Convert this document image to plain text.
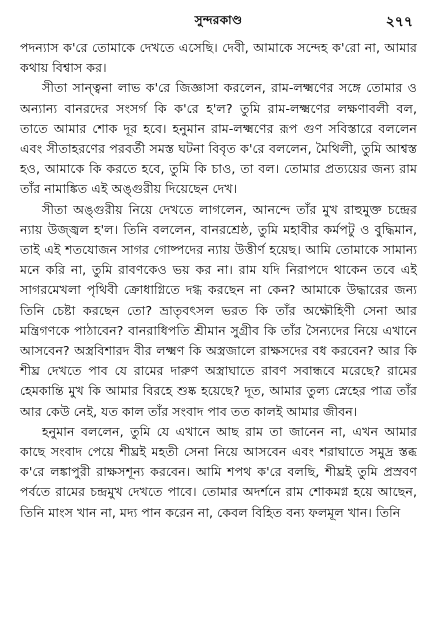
সুন্দরকাণ্ড	২৭৭

পদন্যাস ক'রে তোমাকে দেখতে এসেছি। দেবী, আমাকে সন্দেহ ক'রো না, আমার কথায় বিশ্বাস কর।

সীতা সান্ত্বনা লাভ ক'রে জিজ্ঞাসা করলেন, রাম-লক্ষ্মণের সঙ্গে তোমার ও অন্যান্য বানরদের সংসর্গ কি ক'রে হ'ল? তুমি রাম-লক্ষ্মণের লক্ষণাবলী বল, তাতে আমার শোক দূর হবে। হনুমান রাম-লক্ষ্মণের রূপ গুণ সবিস্তারে বললেন এবং সীতাহরণের পরবর্তী সমস্ত ঘটনা বিবৃত ক'রে বললেন, মৈথিলী, তুমি আশ্বস্ত হও, আমাকে কি করতে হবে, তুমি কি চাও, তা বল। তোমার প্রত্যয়ের জন্য রাম তাঁর নামাঙ্কিত এই অঙ্গুরীয় দিয়েছেন দেখ।

সীতা অঙ্গুরীয় নিয়ে দেখতে লাগলেন, আনন্দে তাঁর মুখ রাহুমুক্ত চন্দ্রের ন্যায় উজ্জ্বল হ'ল। তিনি বললেন, বানরশ্রেষ্ঠ, তুমি মহাবীর কর্মপটু ও বুদ্ধিমান, তাই এই শতযোজন সাগর গোষ্পদের ন্যায় উত্তীর্ণ হয়েছ। আমি তোমাকে সামান্য মনে করি না, তুমি রাবণকেও ভয় কর না। রাম যদি নিরাপদে থাকেন তবে এই সাগরমেখলা পৃথিবী ক্রোধাগ্নিতে দগ্ধ করছেন না কেন? আমাকে উদ্ধারের জন্য তিনি চেষ্টা করছেন তো? ভ্রাতৃবৎসল ভরত কি তাঁর অক্ষৌহিণী সেনা আর মন্ত্রিগণকে পাঠাবেন? বানরাধিপতি শ্রীমান সুগ্রীব কি তাঁর সৈন্যদের নিয়ে এখানে আসবেন? অস্ত্রবিশারদ বীর লক্ষ্মণ কি অস্ত্রজালে রাক্ষসদের বধ করবেন? আর কি শীঘ্র দেখতে পাব যে রামের দারুণ অস্ত্রাঘাতে রাবণ সবান্ধবে মরেছে? রামের হেমকান্তি মুখ কি আমার বিরহে শুষ্ক হয়েছে? দূত, আমার তুল্য স্নেহের পাত্র তাঁর আর কেউ নেই, যত কাল তাঁর সংবাদ পাব তত কালই আমার জীবন।

হনুমান বললেন, তুমি যে এখানে আছ রাম তা জানেন না, এখন আমার কাছে সংবাদ পেয়ে শীঘ্রই মহতী সেনা নিয়ে আসবেন এবং শরাঘাতে সমুদ্র স্তব্ধ ক'রে লঙ্কাপুরী রাক্ষসশূন্য করবেন। আমি শপথ ক'রে বলছি, শীঘ্রই তুমি প্রস্রবণ পর্বতে রামের চন্দ্রমুখ দেখতে পাবে। তোমার অদর্শনে রাম শোকমগ্ন হয়ে আছেন, তিনি মাংস খান না, মদ্য পান করেন না, কেবল বিহিত বন্য ফলমূল খান। তিনি
